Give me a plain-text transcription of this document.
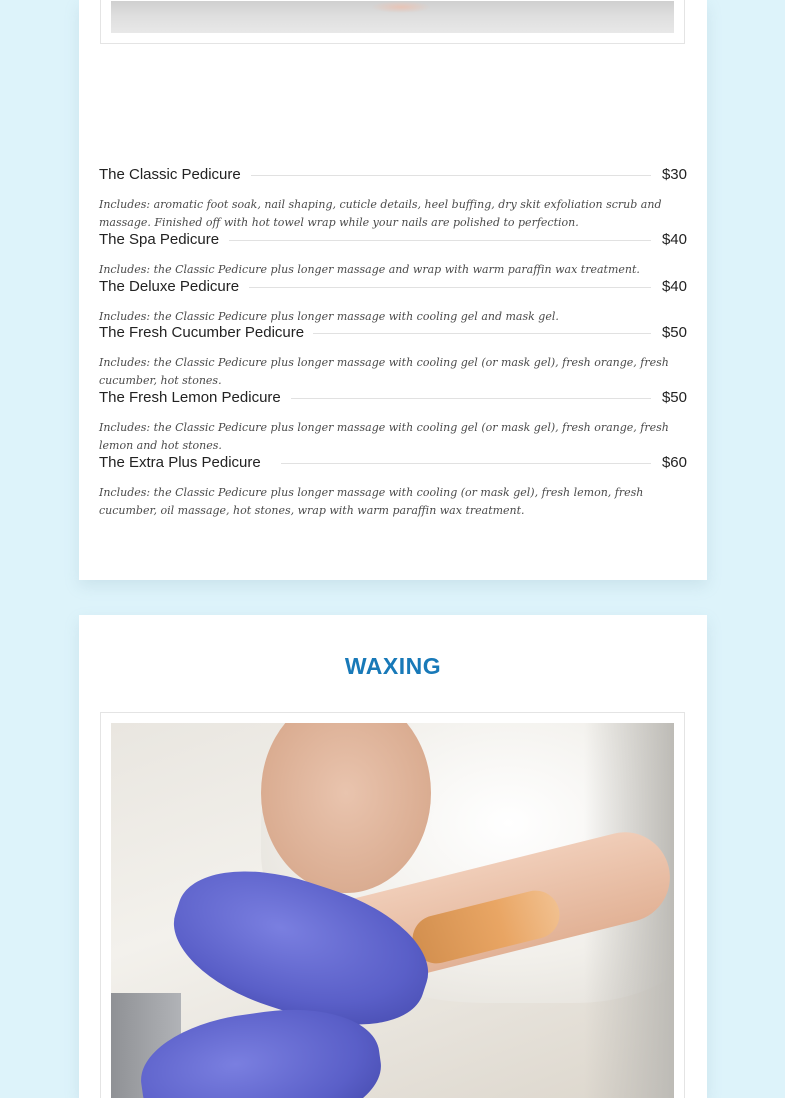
The Classic Pedicure	$30

Includes: aromatic foot soak, nail shaping, cuticle details, heel buffing, dry skit exfoliation scrub and massage. Finished off with hot towel wrap while your nails are polished to perfection.

The Spa Pedicure	$40

Includes: the Classic Pedicure plus longer massage and wrap with warm paraffin wax treatment.

The Deluxe Pedicure	$40

Includes: the Classic Pedicure plus longer massage with cooling gel and mask gel.

The Fresh Cucumber Pedicure	$50

Includes: the Classic Pedicure plus longer massage with cooling gel (or mask gel), fresh orange, fresh cucumber, hot stones.

The Fresh Lemon Pedicure	$50

Includes: the Classic Pedicure plus longer massage with cooling gel (or mask gel), fresh orange, fresh lemon and hot stones.

The Extra Plus Pedicure	$60

Includes: the Classic Pedicure plus longer massage with cooling (or mask gel), fresh lemon, fresh cucumber, oil massage, hot stones, wrap with warm paraffin wax treatment.

WAXING
